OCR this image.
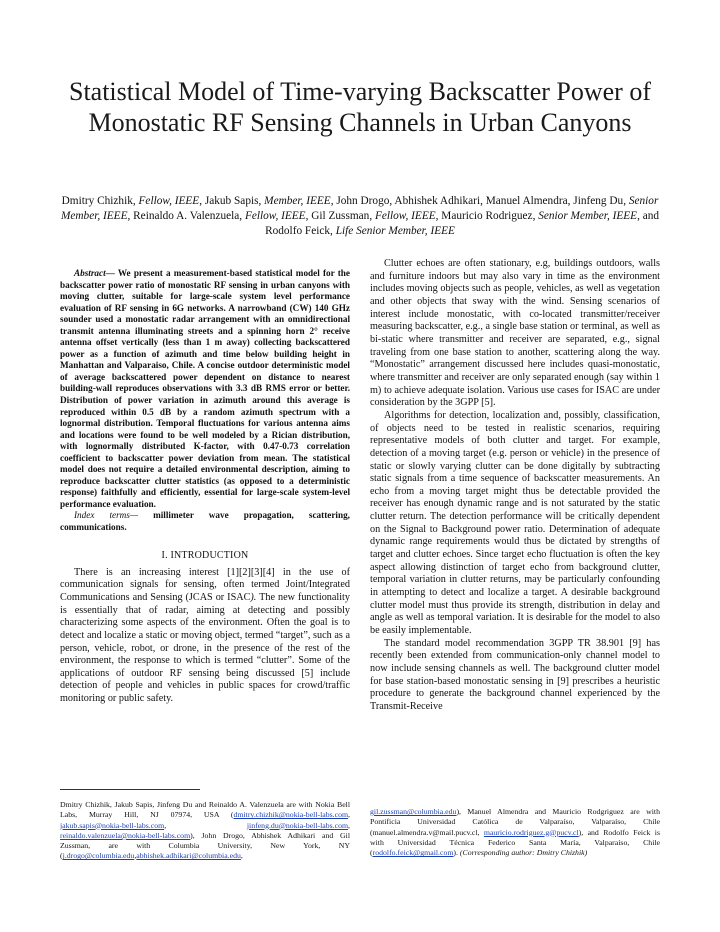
Statistical Model of Time-varying Backscatter Power of Monostatic RF Sensing Channels in Urban Canyons
Dmitry Chizhik, Fellow, IEEE, Jakub Sapis, Member, IEEE, John Drogo, Abhishek Adhikari, Manuel Almendra, Jinfeng Du, Senior Member, IEEE, Reinaldo A. Valenzuela, Fellow, IEEE, Gil Zussman, Fellow, IEEE, Mauricio Rodriguez, Senior Member, IEEE, and Rodolfo Feick, Life Senior Member, IEEE

Abstract— We present a measurement-based statistical model for the backscatter power ratio of monostatic RF sensing in urban canyons with moving clutter, suitable for large-scale system level performance evaluation of RF sensing in 6G networks. A narrowband (CW) 140 GHz sounder used a monostatic radar arrangement with an omnidirectional transmit antenna illuminating streets and a spinning horn 2° receive antenna offset vertically (less than 1 m away) collecting backscattered power as a function of azimuth and time below building height in Manhattan and Valparaiso, Chile. A concise outdoor deterministic model of average backscattered power dependent on distance to nearest building-wall reproduces observations with 3.3 dB RMS error or better. Distribution of power variation in azimuth around this average is reproduced within 0.5 dB by a random azimuth spectrum with a lognormal distribution. Temporal fluctuations for various antenna aims and locations were found to be well modeled by a Rician distribution, with lognormally distributed K-factor, with 0.47-0.73 correlation coefficient to backscatter power deviation from mean. The statistical model does not require a detailed environmental description, aiming to reproduce backscatter clutter statistics (as opposed to a deterministic response) faithfully and efficiently, essential for large-scale system-level performance evaluation.

Index terms— millimeter wave propagation, scattering, communications.

I. INTRODUCTION

There is an increasing interest [1][2][3][4] in the use of communication signals for sensing, often termed Joint/Integrated Communications and Sensing (JCAS or ISAC). The new functionality is essentially that of radar, aiming at detecting and possibly characterizing some aspects of the environment. Often the goal is to detect and localize a static or moving object, termed “target”, such as a person, vehicle, robot, or drone, in the presence of the rest of the environment, the response to which is termed “clutter”. Some of the applications of outdoor RF sensing being discussed [5] include detection of people and vehicles in public spaces for crowd/traffic monitoring or public safety.

Clutter echoes are often stationary, e.g, buildings outdoors, walls and furniture indoors but may also vary in time as the environment includes moving objects such as people, vehicles, as well as vegetation and other objects that sway with the wind. Sensing scenarios of interest include monostatic, with co-located transmitter/receiver measuring backscatter, e.g., a single base station or terminal, as well as bi-static where transmitter and receiver are separated, e.g., signal traveling from one base station to another, scattering along the way. “Monostatic” arrangement discussed here includes quasi-monostatic, where transmitter and receiver are only separated enough (say within 1 m) to achieve adequate isolation. Various use cases for ISAC are under consideration by the 3GPP [5].

Algorithms for detection, localization and, possibly, classification, of objects need to be tested in realistic scenarios, requiring representative models of both clutter and target. For example, detection of a moving target (e.g. person or vehicle) in the presence of static or slowly varying clutter can be done digitally by subtracting static signals from a time sequence of backscatter measurements. An echo from a moving target might thus be detectable provided the receiver has enough dynamic range and is not saturated by the static clutter return. The detection performance will be critically dependent on the Signal to Background power ratio. Determination of adequate dynamic range requirements would thus be dictated by strengths of target and clutter echoes. Since target echo fluctuation is often the key aspect allowing distinction of target echo from background clutter, temporal variation in clutter returns, may be particularly confounding in attempting to detect and localize a target. A desirable background clutter model must thus provide its strength, distribution in delay and angle as well as temporal variation. It is desirable for the model to also be easily implementable.

The standard model recommendation 3GPP TR 38.901 [9] has recently been extended from communication-only channel model to now include sensing channels as well. The background clutter model for base station-based monostatic sensing in [9] prescribes a heuristic procedure to generate the background channel experienced by the Transmit-Receive

Dmitry Chizhik, Jakub Sapis, Jinfeng Du and Reinaldo A. Valenzuela are with Nokia Bell Labs, Murray Hill, NJ 07974, USA (dmitry.chizhik@nokia-bell-labs.com, jakub.sapis@nokia-bell-labs.com, jinfeng.du@nokia-bell-labs.com, reinaldo.valenzuela@nokia-bell-labs.com), John Drogo, Abhishek Adhikari and Gil Zussman, are with Columbia University, New York, NY (j.drogo@columbia.edu,abhishek.adhikari@columbia.edu,
gil.zussman@columbia.edu), Manuel Almendra and Mauricio Rodgriguez are with Pontificia Universidad Católica de Valparaíso, Valparaíso, Chile (manuel.almendra.v@mail.pucv.cl, mauricio.rodriguez.g@pucv.cl), and Rodolfo Feick is with Universidad Técnica Federico Santa María, Valparaíso, Chile (rodolfo.feick@gmail.com). (Corresponding author: Dmitry Chizhik)
